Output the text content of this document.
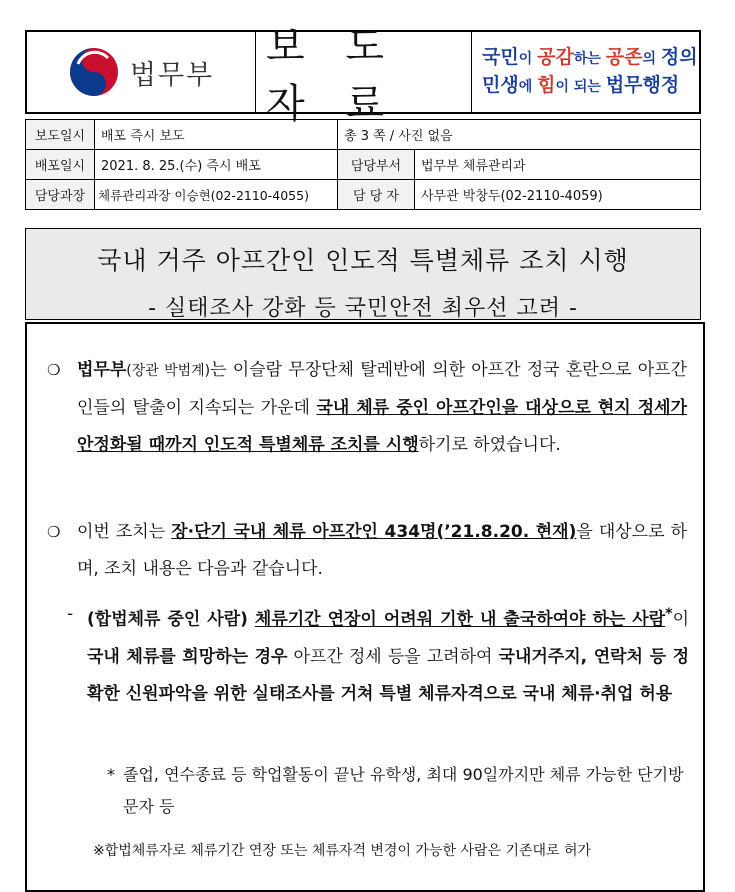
법무부
보 도 자 료
국민이 공감하는 공존의 정의
민생에 힘이 되는 법무행정
보도일시	배포 즉시 보도	총 3 쪽 / 사진 없음	
배포일시	2021. 8. 25.(수) 즉시 배포	담당부서	법무부 체류관리과
담당과장	체류관리과장 이승현(02-2110-4055)	담 당 자	사무관 박창두(02-2110-4059)
국내 거주 아프간인 인도적 특별체류 조치 시행
- 실태조사 강화 등 국민안전 최우선 고려 -
❍ 법무부(장관 박범계)는 이슬람 무장단체 탈레반에 의한 아프간 정국 혼란으로 아프간인들의 탈출이 지속되는 가운데 국내 체류 중인 아프간인을 대상으로 현지 정세가 안정화될 때까지 인도적 특별체류 조치를 시행하기로 하였습니다.
❍ 이번 조치는 장·단기 국내 체류 아프간인 434명(’21.8.20. 현재)을 대상으로 하며, 조치 내용은 다음과 같습니다.
- (합법체류 중인 사람) 체류기간 연장이 어려워 기한 내 출국하여야 하는 사람*이 국내 체류를 희망하는 경우 아프간 정세 등을 고려하여 국내거주지, 연락처 등 정확한 신원파악을 위한 실태조사를 거쳐 특별 체류자격으로 국내 체류·취업 허용
* 졸업, 연수종료 등 학업활동이 끝난 유학생, 최대 90일까지만 체류 가능한 단기방문자 등
※합법체류자로 체류기간 연장 또는 체류자격 변경이 가능한 사람은 기존대로 허가
